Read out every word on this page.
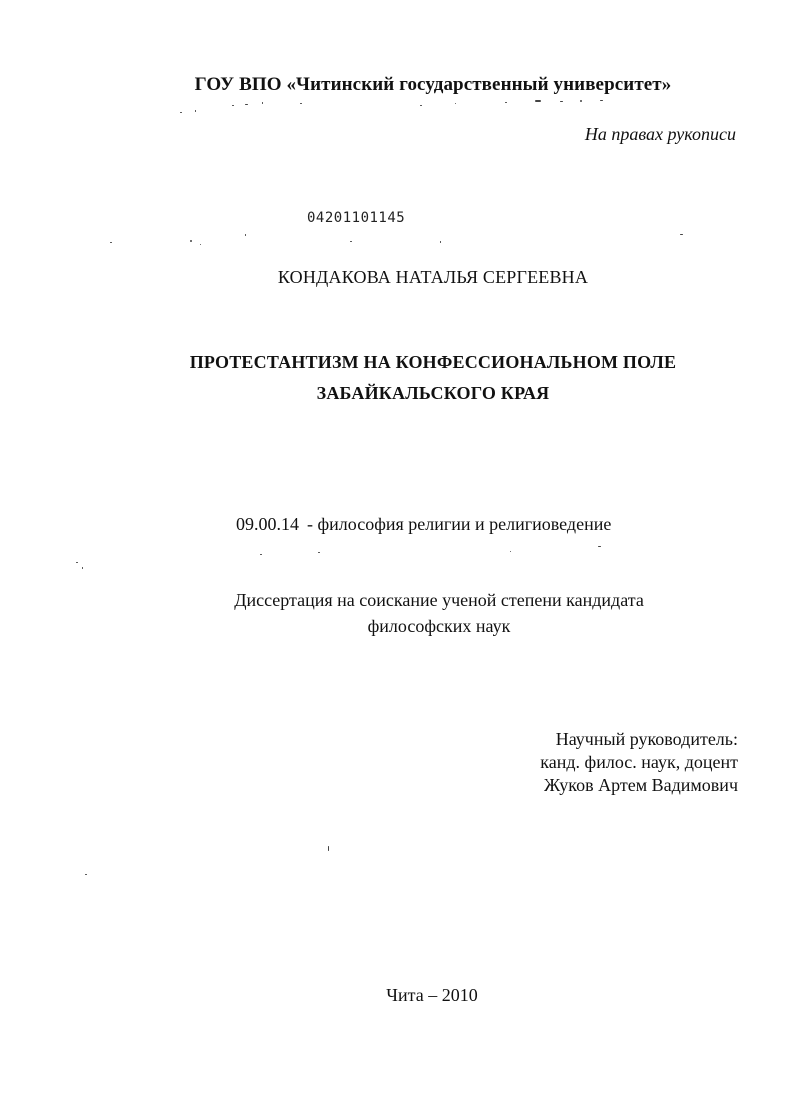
ГОУ ВПО «Читинский государственный университет»
На правах рукописи
04201101145
КОНДАКОВА НАТАЛЬЯ СЕРГЕЕВНА
ПРОТЕСТАНТИЗМ НА КОНФЕССИОНАЛЬНОМ ПОЛЕ
ЗАБАЙКАЛЬСКОГО КРАЯ
09.00.14 - философия религии и религиоведение
Диссертация на соискание ученой степени кандидата
философских наук
Научный руководитель:
канд. филос. наук, доцент
Жуков Артем Вадимович
Чита – 2010
